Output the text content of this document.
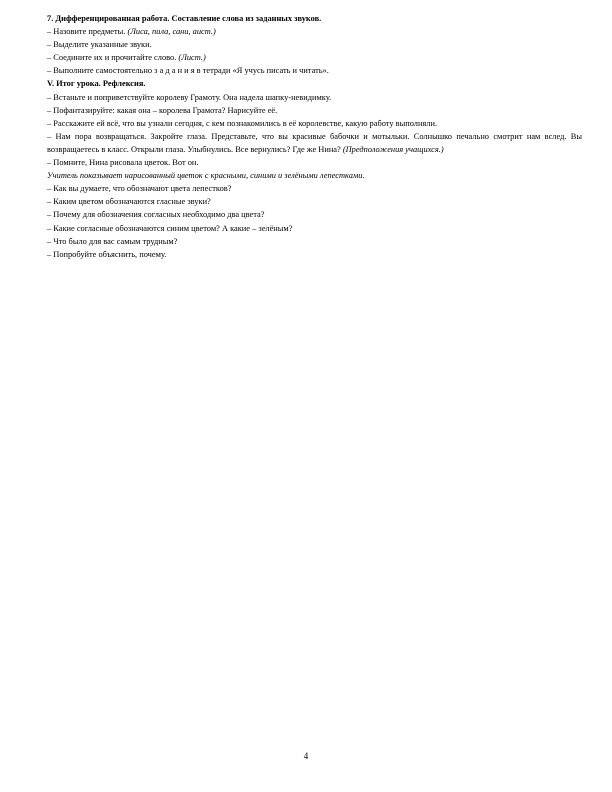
7. Дифференцированная работа. Составление слова из заданных звуков.
– Назовите предметы. (Лиса, пила, сани, аист.)
– Выделите указанные звуки.
– Соедините их и прочитайте слово. (Лист.)
– Выполните самостоятельно з а д а н и я в тетради «Я учусь писать и читать».
V. Итог урока. Рефлексия.
– Встаньте и поприветствуйте королеву Грамоту. Она надела шапку-невидимку.
– Пофантазируйте: какая она – королева Грамота? Нарисуйте её.
– Расскажите ей всё, что вы узнали сегодня, с кем познакомились в её королевстве, какую работу выполняли.
– Нам пора возвращаться. Закройте глаза. Представьте, что вы красивые бабочки и мотыльки. Солнышко печально смотрит нам вслед. Вы возвращаетесь в класс. Открыли глаза. Улыбнулись. Все вернулись? Где же Нина? (Предположения учащихся.)
– Помните, Нина рисовала цветок. Вот он.
Учитель показывает нарисованный цветок с красными, синими и зелёными лепестками.
– Как вы думаете, что обозначают цвета лепестков?
– Каким цветом обозначаются гласные звуки?
– Почему для обозначения согласных необходимо два цвета?
– Какие согласные обозначаются синим цветом? А какие – зелёным?
– Что было для вас самым трудным?
– Попробуйте объяснить, почему.
4
